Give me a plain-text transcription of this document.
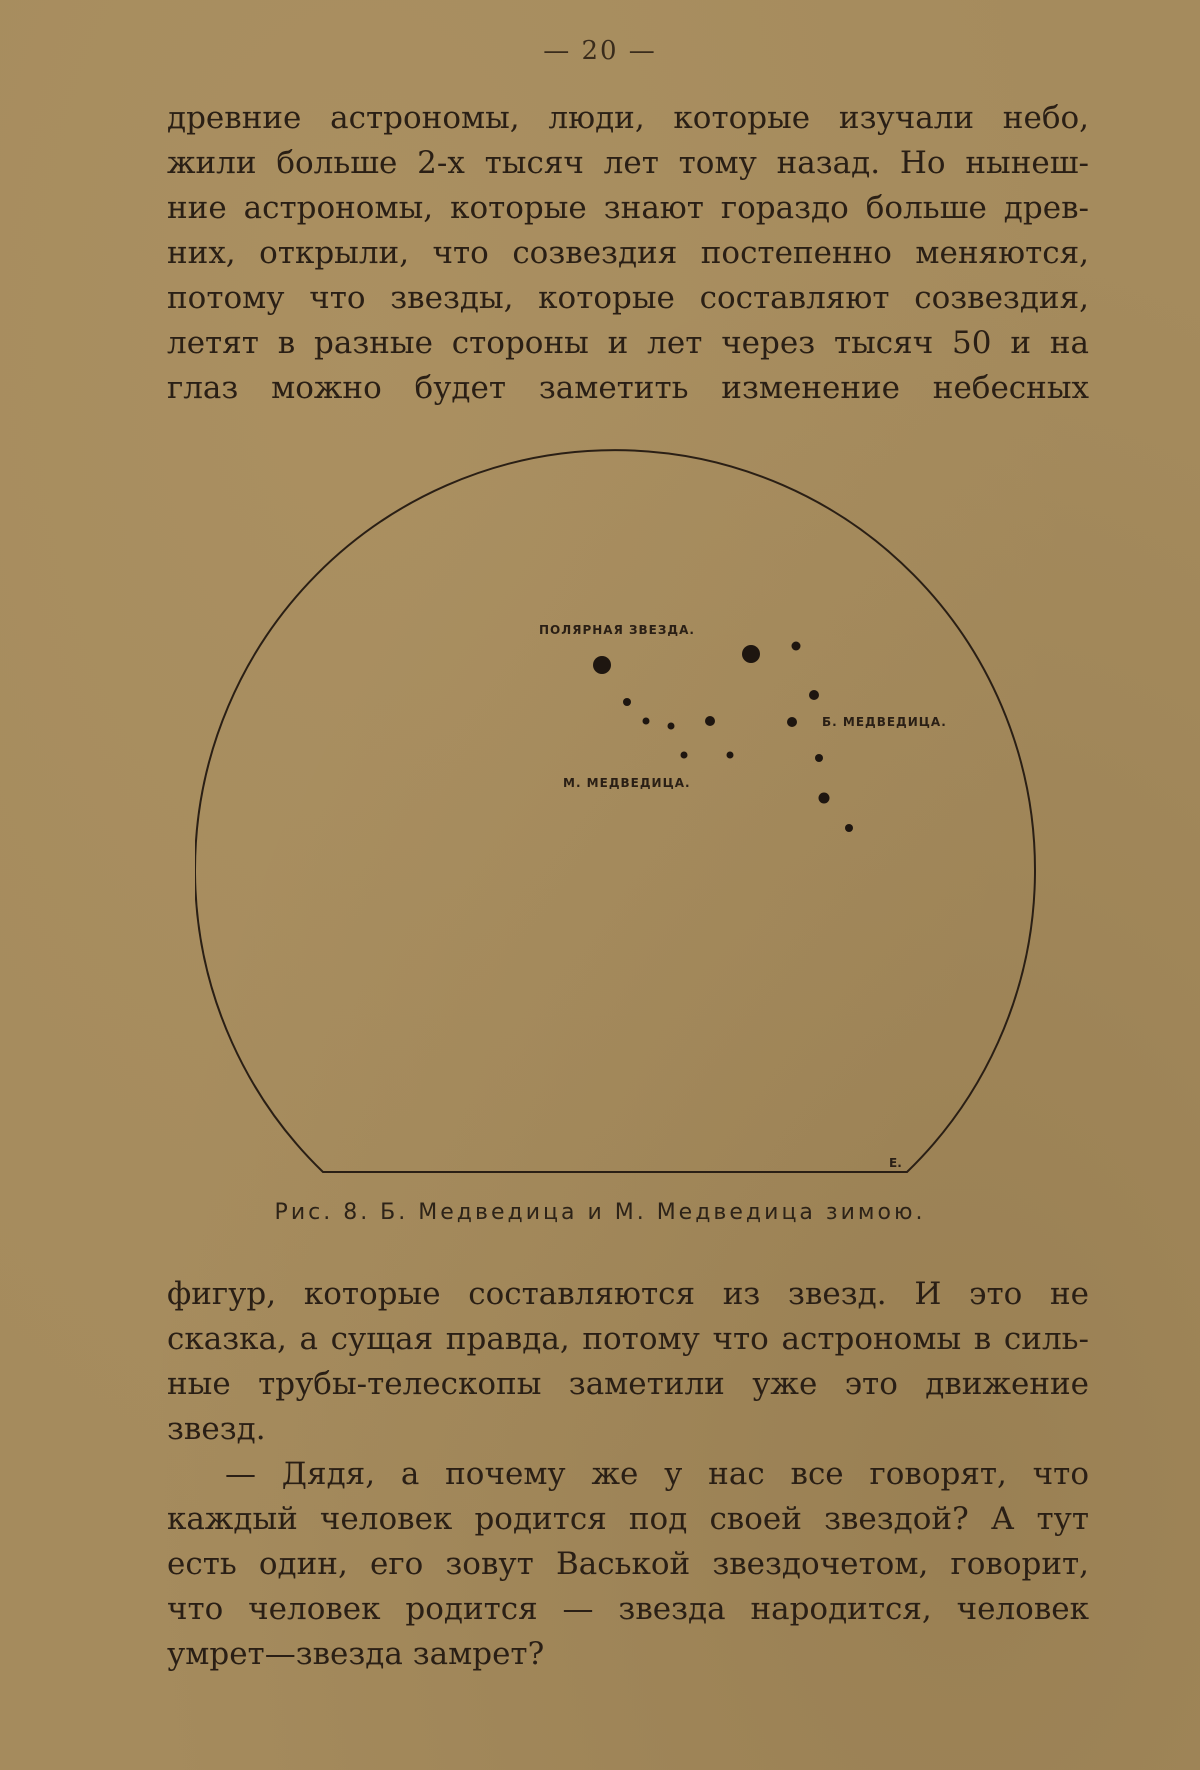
— 20 —

древние астрономы, люди, которые изучали небо,

жили больше 2-х тысяч лет тому назад. Но нынеш-

ние астрономы, которые знают гораздо больше древ-

них, открыли, что созвездия постепенно меняются,

потому что звезды, которые составляют созвездия,

летят в разные стороны и лет через тысяч 50 и на

глаз можно будет заметить изменение небесных

ПОЛЯРНАЯ ЗВЕЗДА.
Б. МЕДВЕДИЦА.
М. МЕДВЕДИЦА.
Е.
Рис. 8. Б. Медведица и М. Медведица зимою.

фигур, которые составляются из звезд. И это не

сказка, а сущая правда, потому что астрономы в силь-

ные трубы-телескопы заметили уже это движение звезд.

— Дядя, а почему же у нас все говорят, что

каждый человек родится под своей звездой? А тут

есть один, его зовут Васькой звездочетом, говорит,

что человек родится — звезда народится, человек

умрет—звезда замрет?
